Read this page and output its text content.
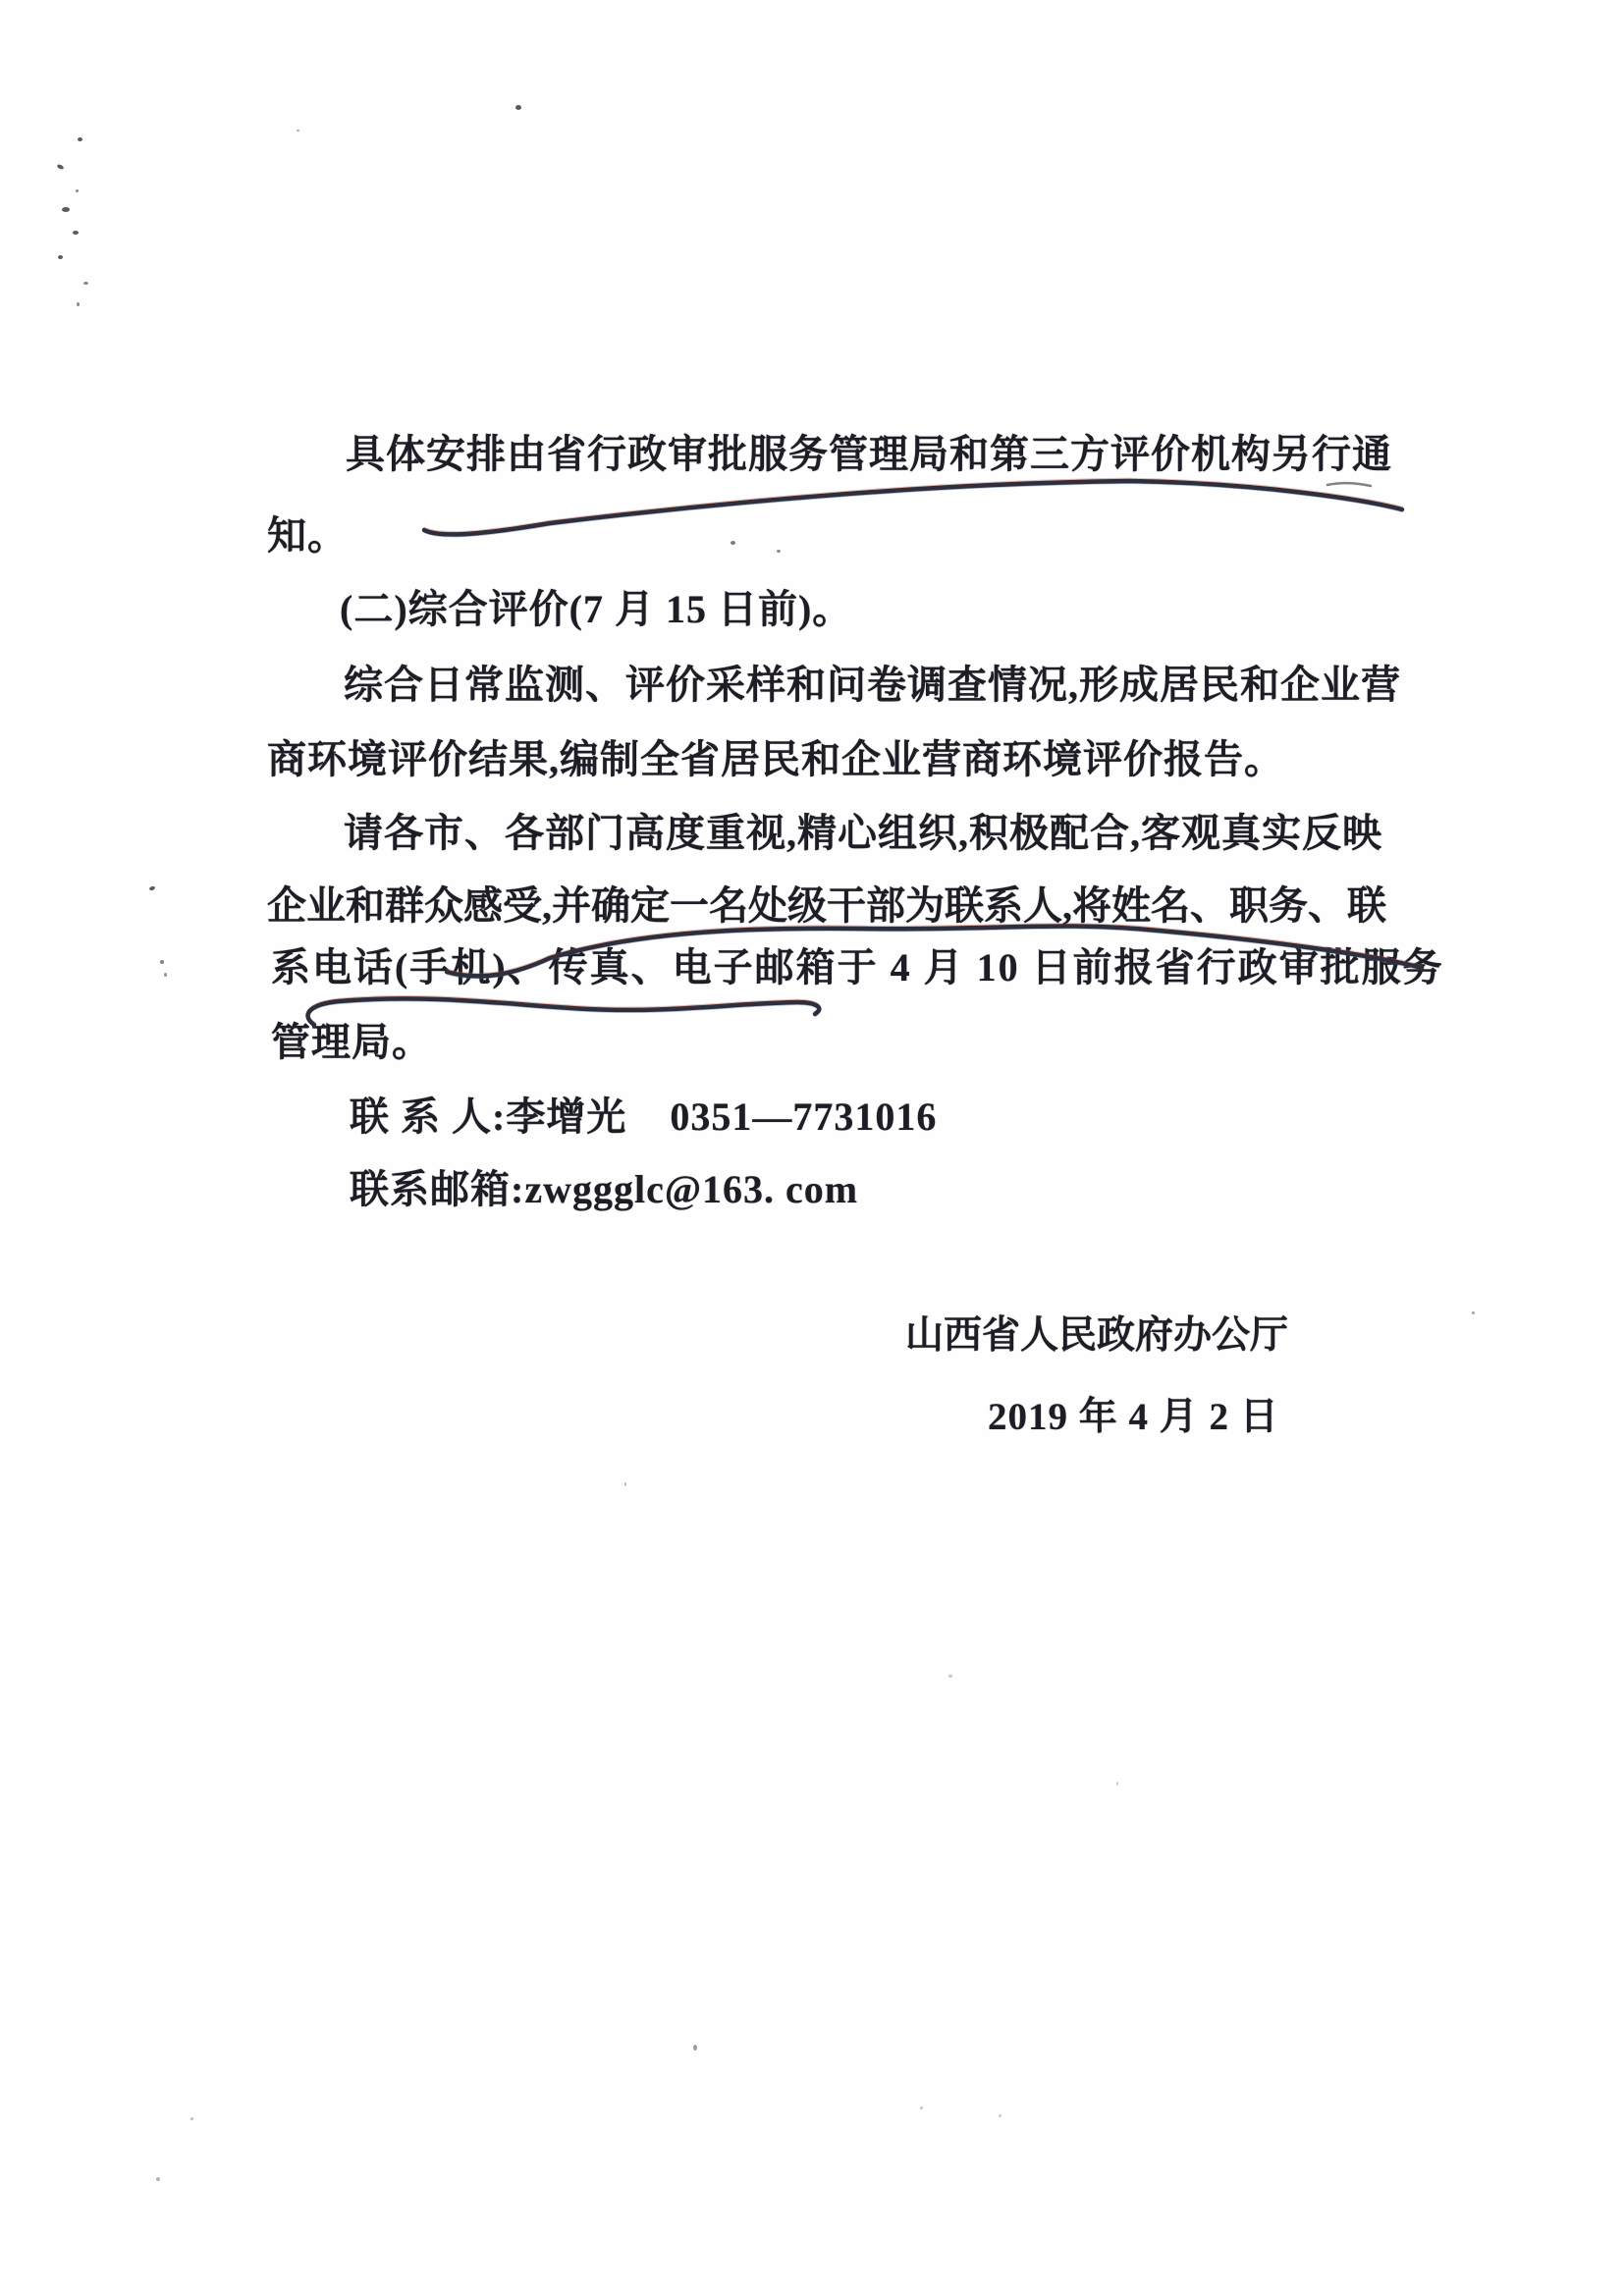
具体安排由省行政审批服务管理局和第三方评价机构另行通
知。
(二)综合评价(7 月 15 日前)。
综合日常监测、评价采样和问卷调查情况,形成居民和企业营
商环境评价结果,编制全省居民和企业营商环境评价报告。
请各市、各部门高度重视,精心组织,积极配合,客观真实反映
企业和群众感受,并确定一名处级干部为联系人,将姓名、职务、联
系电话(手机)、传真、电子邮箱于 4 月 10 日前报省行政审批服务
管理局。
联 系 人:李增光    0351—7731016
联系邮箱:zwggglc@163. com
山西省人民政府办公厅
2019 年 4 月 2 日
